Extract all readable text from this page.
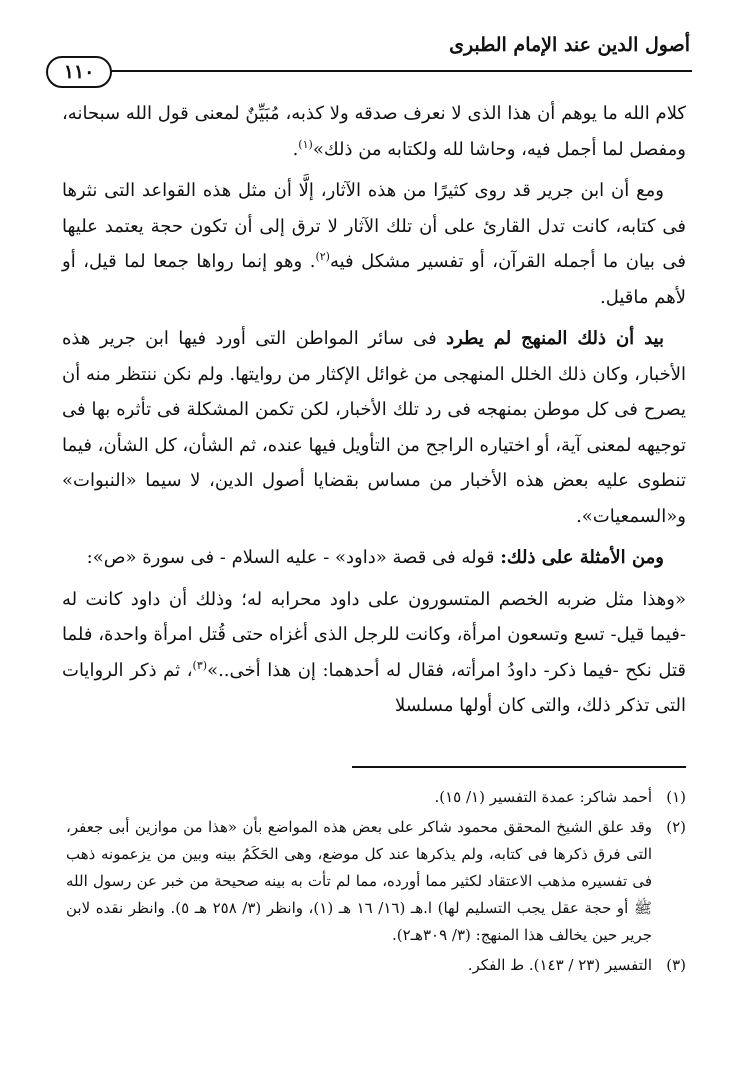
أصول الدين عند الإمام الطبرى
١١٠

كلام الله ما يوهم أن هذا الذى لا نعرف صدقه ولا كذبه، مُبَيِّنٌ لمعنى قول الله سبحانه، ومفصل لما أجمل فيه، وحاشا لله ولكتابه من ذلك»$^{(١)}$.

ومع أن ابن جرير قد روى كثيرًا من هذه الآثار، إلَّا أن مثل هذه القواعد التى نثرها فى كتابه، كانت تدل القارئ على أن تلك الآثار لا ترق إلى أن تكون حجة يعتمد عليها فى بيان ما أجمله القرآن، أو تفسير مشكل فيه$^{(٢)}$. وهو إنما رواها جمعا لما قيل، أو لأهم ماقيل.

بيد أن ذلك المنهج لم يطرد فى سائر المواطن التى أورد فيها ابن جرير هذه الأخبار، وكان ذلك الخلل المنهجى من غوائل الإكثار من روايتها. ولم نكن ننتظر منه أن يصرح فى كل موطن بمنهجه فى رد تلك الأخبار، لكن تكمن المشكلة فى تأثره بها فى توجيهه لمعنى آية، أو اختياره الراجح من التأويل فيها عنده، ثم الشأن، كل الشأن، فيما تنطوى عليه بعض هذه الأخبار من مساس بقضايا أصول الدين، لا سيما «النبوات» و«السمعيات».

ومن الأمثلة على ذلك: قوله فى قصة «داود» - عليه السلام - فى سورة «ص»:

«وهذا مثل ضربه الخصم المتسورون على داود محرابه له؛ وذلك أن داود كانت له -فيما قيل- تسع وتسعون امرأة، وكانت للرجل الذى أغزاه حتى قُتل امرأة واحدة، فلما قتل نكح -فيما ذكر- داودُ امرأته، فقال له أحدهما: إن هذا أخى..»$^{(٣)}$، ثم ذكر الروايات التى تذكر ذلك، والتى كان أولها مسلسلا

(١)
أحمد شاكر: عمدة التفسير (١/ ١٥).
(٢)
وقد علق الشيخ المحقق محمود شاكر على بعض هذه المواضع بأن «هذا من موازين أبى جعفر، التى فرق ذكرها فى كتابه، ولم يذكرها عند كل موضع، وهى الحَكَمُ بينه وبين من يزعمونه ذهب فى تفسيره مذهب الاعتقاد لكثير مما أورده، مما لم تأت به بينه صحيحة من خبر عن رسول الله ﷺ أو حجة عقل يجب التسليم لها) ا.هـ (١٦/ ١٦ هـ (١)، وانظر (٣/ ٢٥٨ هـ ٥). وانظر نقده لابن جرير حين يخالف هذا المنهج: (٣/ ٣٠٩هـ٢).
(٣)
التفسير (٢٣ / ١٤٣). ط الفكر.
